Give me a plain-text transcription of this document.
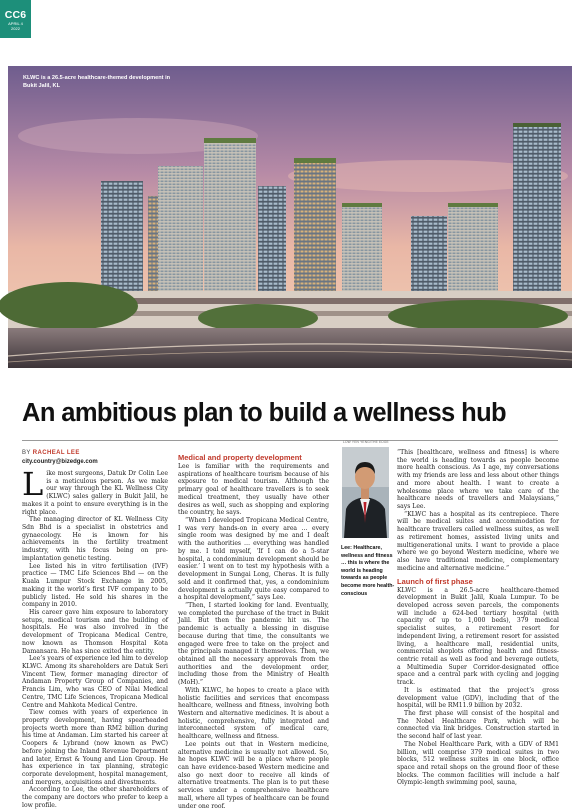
CC6
APRIL 4
2022
KLWC is a 26.5-acre healthcare-themed development in Bukit Jalil, KL
An ambitious plan to build a wellness hub
BY RACHEAL LEE
city.country@bizedge.com

Like most surgeons, Datuk Dr Colin Lee is a meticulous person. As we make our way through the KL Wellness City (KLWC) sales gallery in Bukit Jalil, he makes it a point to ensure everything is in the right place.

The managing director of KL Wellness City Sdn Bhd is a specialist in obstetrics and gynaecology. He is known for his achievements in the fertility treatment industry, with his focus being on pre-implantation genetic testing.

Lee listed his in vitro fertilisation (IVF) practice — TMC Life Sciences Bhd — on the Kuala Lumpur Stock Exchange in 2005, making it the world’s first IVF company to be publicly listed. He sold his shares in the company in 2010.

His career gave him exposure to laboratory setups, medical tourism and the building of hospitals. He was also involved in the development of Tropicana Medical Centre, now known as Thomson Hospital Kota Damansara. He has since exited the entity.

Lee’s years of experience led him to develop KLWC. Among its shareholders are Datuk Seri Vincent Tiew, former managing director of Andaman Property Group of Companies, and Francis Lim, who was CEO of Nilai Medical Centre, TMC Life Sciences, Tropicana Medical Centre and Mahkota Medical Centre.

Tiew comes with years of experience in property development, having spearheaded projects worth more than RM2 billion during his time at Andaman. Lim started his career at Coopers & Lybrand (now known as PwC) before joining the Inland Revenue Department and later, Ernst & Young and Lion Group. He has experience in tax planning, strategic corporate development, hospital management, and mergers, acquisitions and divestments.

According to Lee, the other shareholders of the company are doctors who prefer to keep a low profile.

Medical and property development

Lee is familiar with the requirements and aspirations of healthcare tourism because of his exposure to medical tourism. Although the primary goal of healthcare travellers is to seek medical treatment, they usually have other desires as well, such as shopping and exploring the country, he says.

“When I developed Tropicana Medical Centre, I was very hands-on in every area … every single room was designed by me and I dealt with the authorities … everything was handled by me. I told myself, ‘If I can do a 5-star hospital, a condominium development should be easier.’ I went on to test my hypothesis with a development in Sungai Long, Cheras. It is fully sold and it confirmed that, yes, a condominium development is actually quite easy compared to a hospital development,” says Lee.

“Then, I started looking for land. Eventually, we completed the purchase of the tract in Bukit Jalil. But then the pandemic hit us. The pandemic is actually a blessing in disguise because during that time, the consultants we engaged were free to take on the project and the principals managed it themselves. Then, we obtained all the necessary approvals from the authorities and the development order, including those from the Ministry of Health (MoH).”

With KLWC, he hopes to create a place with holistic facilities and services that encompass healthcare, wellness and fitness, involving both Western and alternative medicines. It is about a holistic, comprehensive, fully integrated and interconnected system of medical care, healthcare, wellness and fitness.

Lee points out that in Western medicine, alternative medicine is usually not allowed. So, he hopes KLWC will be a place where people can have evidence-based Western medicine and also go next door to receive all kinds of alternative treatments. The plan is to put these services under a comprehensive healthcare mall, where all types of healthcare can be found under one roof.

LOW YEN YENG/THE EDGE
Lee: Healthcare, wellness and fitness … this is where the world is heading towards as people become more health-conscious

“This [healthcare, wellness and fitness] is where the world is heading towards as people become more health conscious. As I age, my conversations with my friends are less and less about other things and more about health. I want to create a wholesome place where we take care of the healthcare needs of travellers and Malaysians,” says Lee.

“KLWC has a hospital as its centrepiece. There will be medical suites and accommodation for healthcare travellers called wellness suites, as well as retirement homes, assisted living units and multigenerational units. I want to provide a place where we go beyond Western medicine, where we also have traditional medicine, complementary medicine and alternative medicine.”

Launch of first phase

KLWC is a 26.5-acre healthcare-themed development in Bukit Jalil, Kuala Lumpur. To be developed across seven parcels, the components will include a 624-bed tertiary hospital (with capacity of up to 1,000 beds), 379 medical specialist suites, a retirement resort for independent living, a retirement resort for assisted living, a healthcare mall, residential units, commercial shoplots offering health and fitness-centric retail as well as food and beverage outlets, a Multimedia Super Corridor-designated office space and a central park with cycling and jogging track.

It is estimated that the project’s gross development value (GDV), including that of the hospital, will be RM11.9 billion by 2032.

The first phase will consist of the hospital and The Nobel Healthcare Park, which will be connected via link bridges. Construction started in the second half of last year.

The Nobel Healthcare Park, with a GDV of RM1 billion, will comprise 379 medical suites in two blocks, 512 wellness suites in one block, office space and retail shops on the ground floor of these blocks. The common facilities will include a half Olympic-length swimming pool, sauna,
